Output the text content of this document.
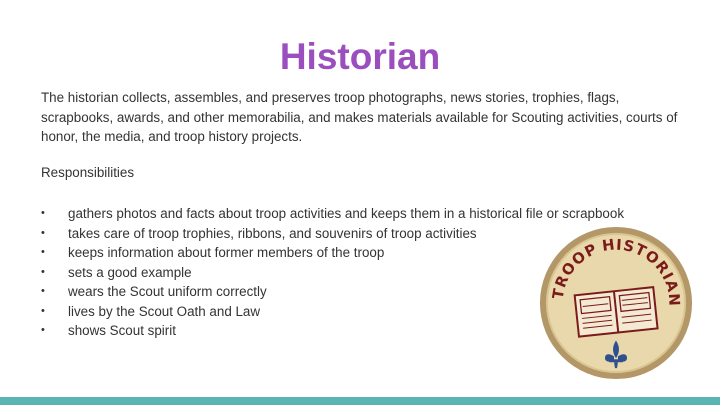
Historian

The historian collects, assembles, and preserves troop photographs, news stories, trophies, flags, scrapbooks, awards, and other memorabilia, and makes materials available for Scouting activities, courts of honor, the media, and troop history projects.

Responsibilities

• gathers photos and facts about troop activities and keeps them in a historical file or scrapbook
• takes care of troop trophies, ribbons, and souvenirs of troop activities
• keeps information about former members of the troop
• sets a good example
• wears the Scout uniform correctly
• lives by the Scout Oath and Law
• shows Scout spirit
TROOP HISTORIAN
